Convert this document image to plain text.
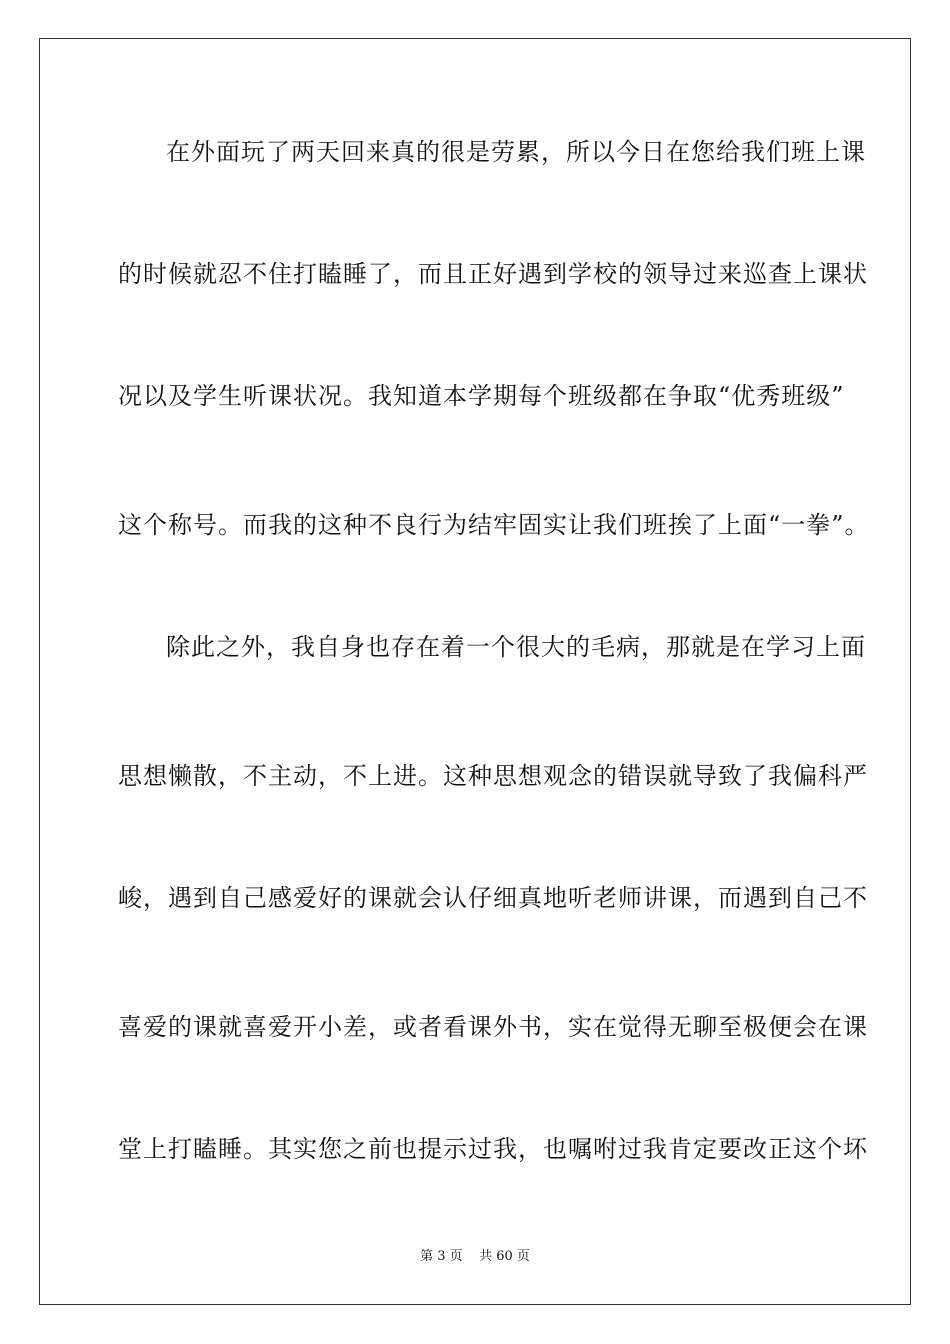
在外面玩了两天回来真的很是劳累，所以今日在您给我们班上课
的时候就忍不住打瞌睡了，而且正好遇到学校的领导过来巡查上课状
况以及学生听课状况。我知道本学期每个班级都在争取“优秀班级”
这个称号。而我的这种不良行为结牢固实让我们班挨了上面“一拳”。
除此之外，我自身也存在着一个很大的毛病，那就是在学习上面
思想懒散，不主动，不上进。这种思想观念的错误就导致了我偏科严
峻，遇到自己感爱好的课就会认仔细真地听老师讲课，而遇到自己不
喜爱的课就喜爱开小差，或者看课外书，实在觉得无聊至极便会在课
堂上打瞌睡。其实您之前也提示过我，也嘱咐过我肯定要改正这个坏
第 3 页    共 60 页
